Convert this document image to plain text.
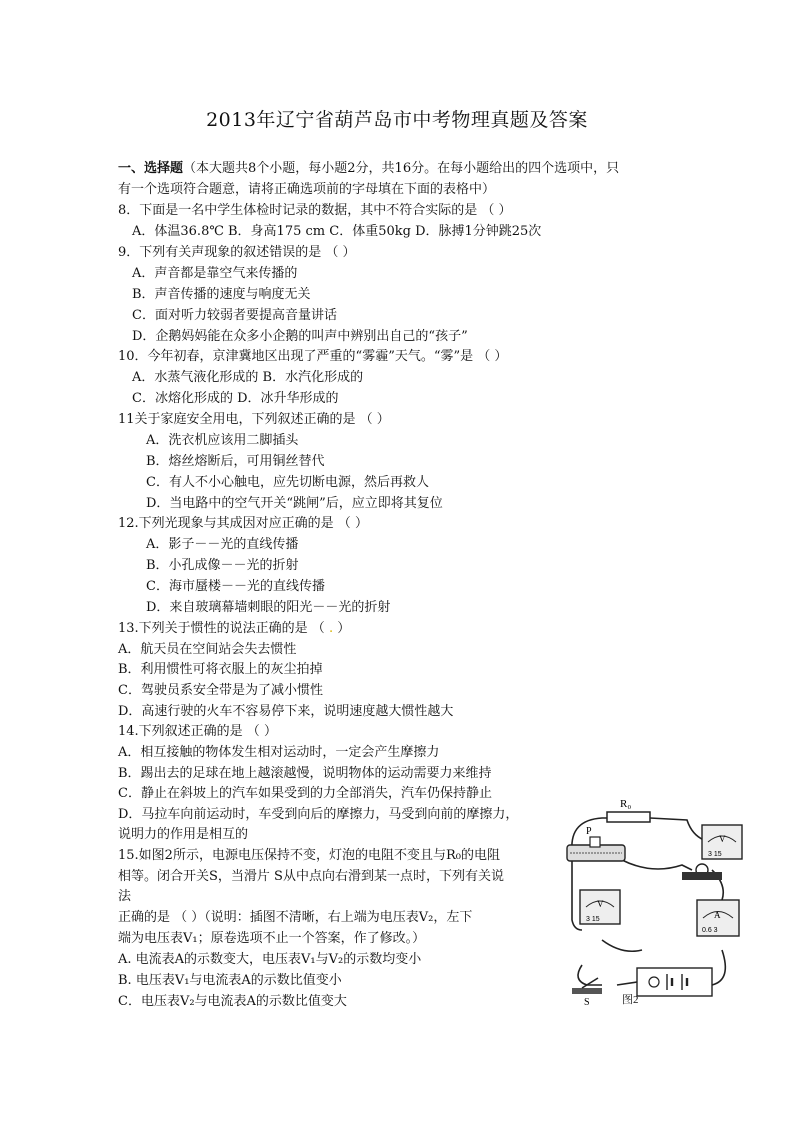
2013年辽宁省葫芦岛市中考物理真题及答案
一、选择题（本大题共8个小题，每小题2分，共16分。在每小题给出的四个选项中，只
有一个选项符合题意，请将正确选项前的字母填在下面的表格中）
8．下面是一名中学生体检时记录的数据，其中不符合实际的是 （ ）
A．体温36.8℃ B．身高175 cm C．体重50kg D．脉搏1分钟跳25次
9．下列有关声现象的叙述错误的是 （ ）
A．声音都是靠空气来传播的
B．声音传播的速度与响度无关
C．面对听力较弱者要提高音量讲话
D．企鹅妈妈能在众多小企鹅的叫声中辨别出自己的“孩子”
10．今年初春，京津冀地区出现了严重的“雾霾”天气。“雾”是 （ ）
A．水蒸气液化形成的 B．水汽化形成的
C．冰熔化形成的 D．冰升华形成的
11关于家庭安全用电，下列叙述正确的是 （ ）
A．洗衣机应该用二脚插头
B．熔丝熔断后，可用铜丝替代
C．有人不小心触电，应先切断电源，然后再救人
D．当电路中的空气开关“跳闸”后，应立即将其复位
12.下列光现象与其成因对应正确的是 （ ）
A．影子－－光的直线传播
B．小孔成像－－光的折射
C．海市蜃楼－－光的直线传播
D．来自玻璃幕墙刺眼的阳光－－光的折射
13.下列关于惯性的说法正确的是 （ . ）
A．航天员在空间站会失去惯性
B．利用惯性可将衣服上的灰尘拍掉
C．驾驶员系安全带是为了减小惯性
D．高速行驶的火车不容易停下来，说明速度越大惯性越大
14.下列叙述正确的是 （ ）
A．相互接触的物体发生相对运动时，一定会产生摩擦力
B．踢出去的足球在地上越滚越慢，说明物体的运动需要力来维持
C．静止在斜坡上的汽车如果受到的力全部消失，汽车仍保持静止
D．马拉车向前运动时，车受到向后的摩擦力，马受到向前的摩擦力，
说明力的作用是相互的
15.如图2所示，电源电压保持不变，灯泡的电阻不变且与R₀的电阻
相等。闭合开关S，当滑片 S从中点向右滑到某一点时，下列有关说
法
正确的是 （ ）（说明：插图不清晰，右上端为电压表V₂，左下
端为电压表V₁；原卷选项不止一个答案，作了修改。）
A. 电流表A的示数变大，电压表V₁与V₂的示数均变小
B. 电压表V₁与电流表A的示数比值变小
C．电压表V₂与电流表A的示数比值变大
R₀
P
V
3 15
V
3 15	A
0.6 3
S	图2
